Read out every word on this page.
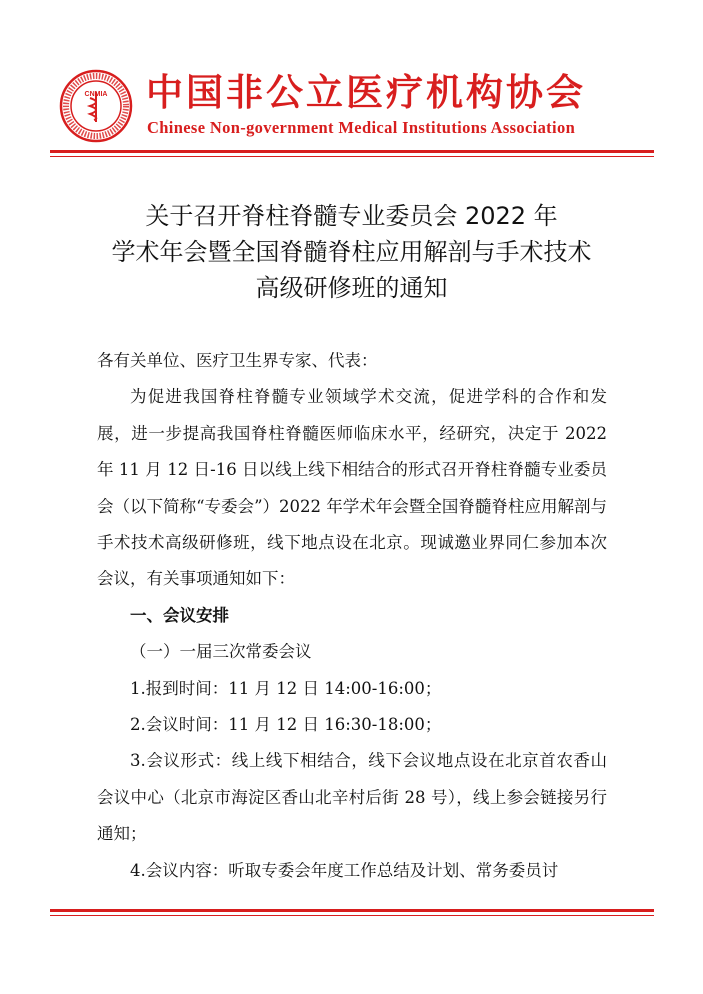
CNMIA 中国非公立医疗机构协会
Chinese Non-government Medical Institutions Association
关于召开脊柱脊髓专业委员会 2022 年
学术年会暨全国脊髓脊柱应用解剖与手术技术
高级研修班的通知

各有关单位、医疗卫生界专家、代表：

为促进我国脊柱脊髓专业领域学术交流，促进学科的合作和发展，进一步提高我国脊柱脊髓医师临床水平，经研究，决定于 2022 年 11 月 12 日-16 日以线上线下相结合的形式召开脊柱脊髓专业委员会（以下简称“专委会”）2022 年学术年会暨全国脊髓脊柱应用解剖与手术技术高级研修班，线下地点设在北京。现诚邀业界同仁参加本次会议，有关事项通知如下：

一、会议安排

（一）一届三次常委会议

1.报到时间：11 月 12 日 14:00-16:00；

2.会议时间：11 月 12 日 16:30-18:00；

3.会议形式：线上线下相结合，线下会议地点设在北京首农香山会议中心（北京市海淀区香山北辛村后街 28 号），线上参会链接另行通知；

4.会议内容：听取专委会年度工作总结及计划、常务委员讨
